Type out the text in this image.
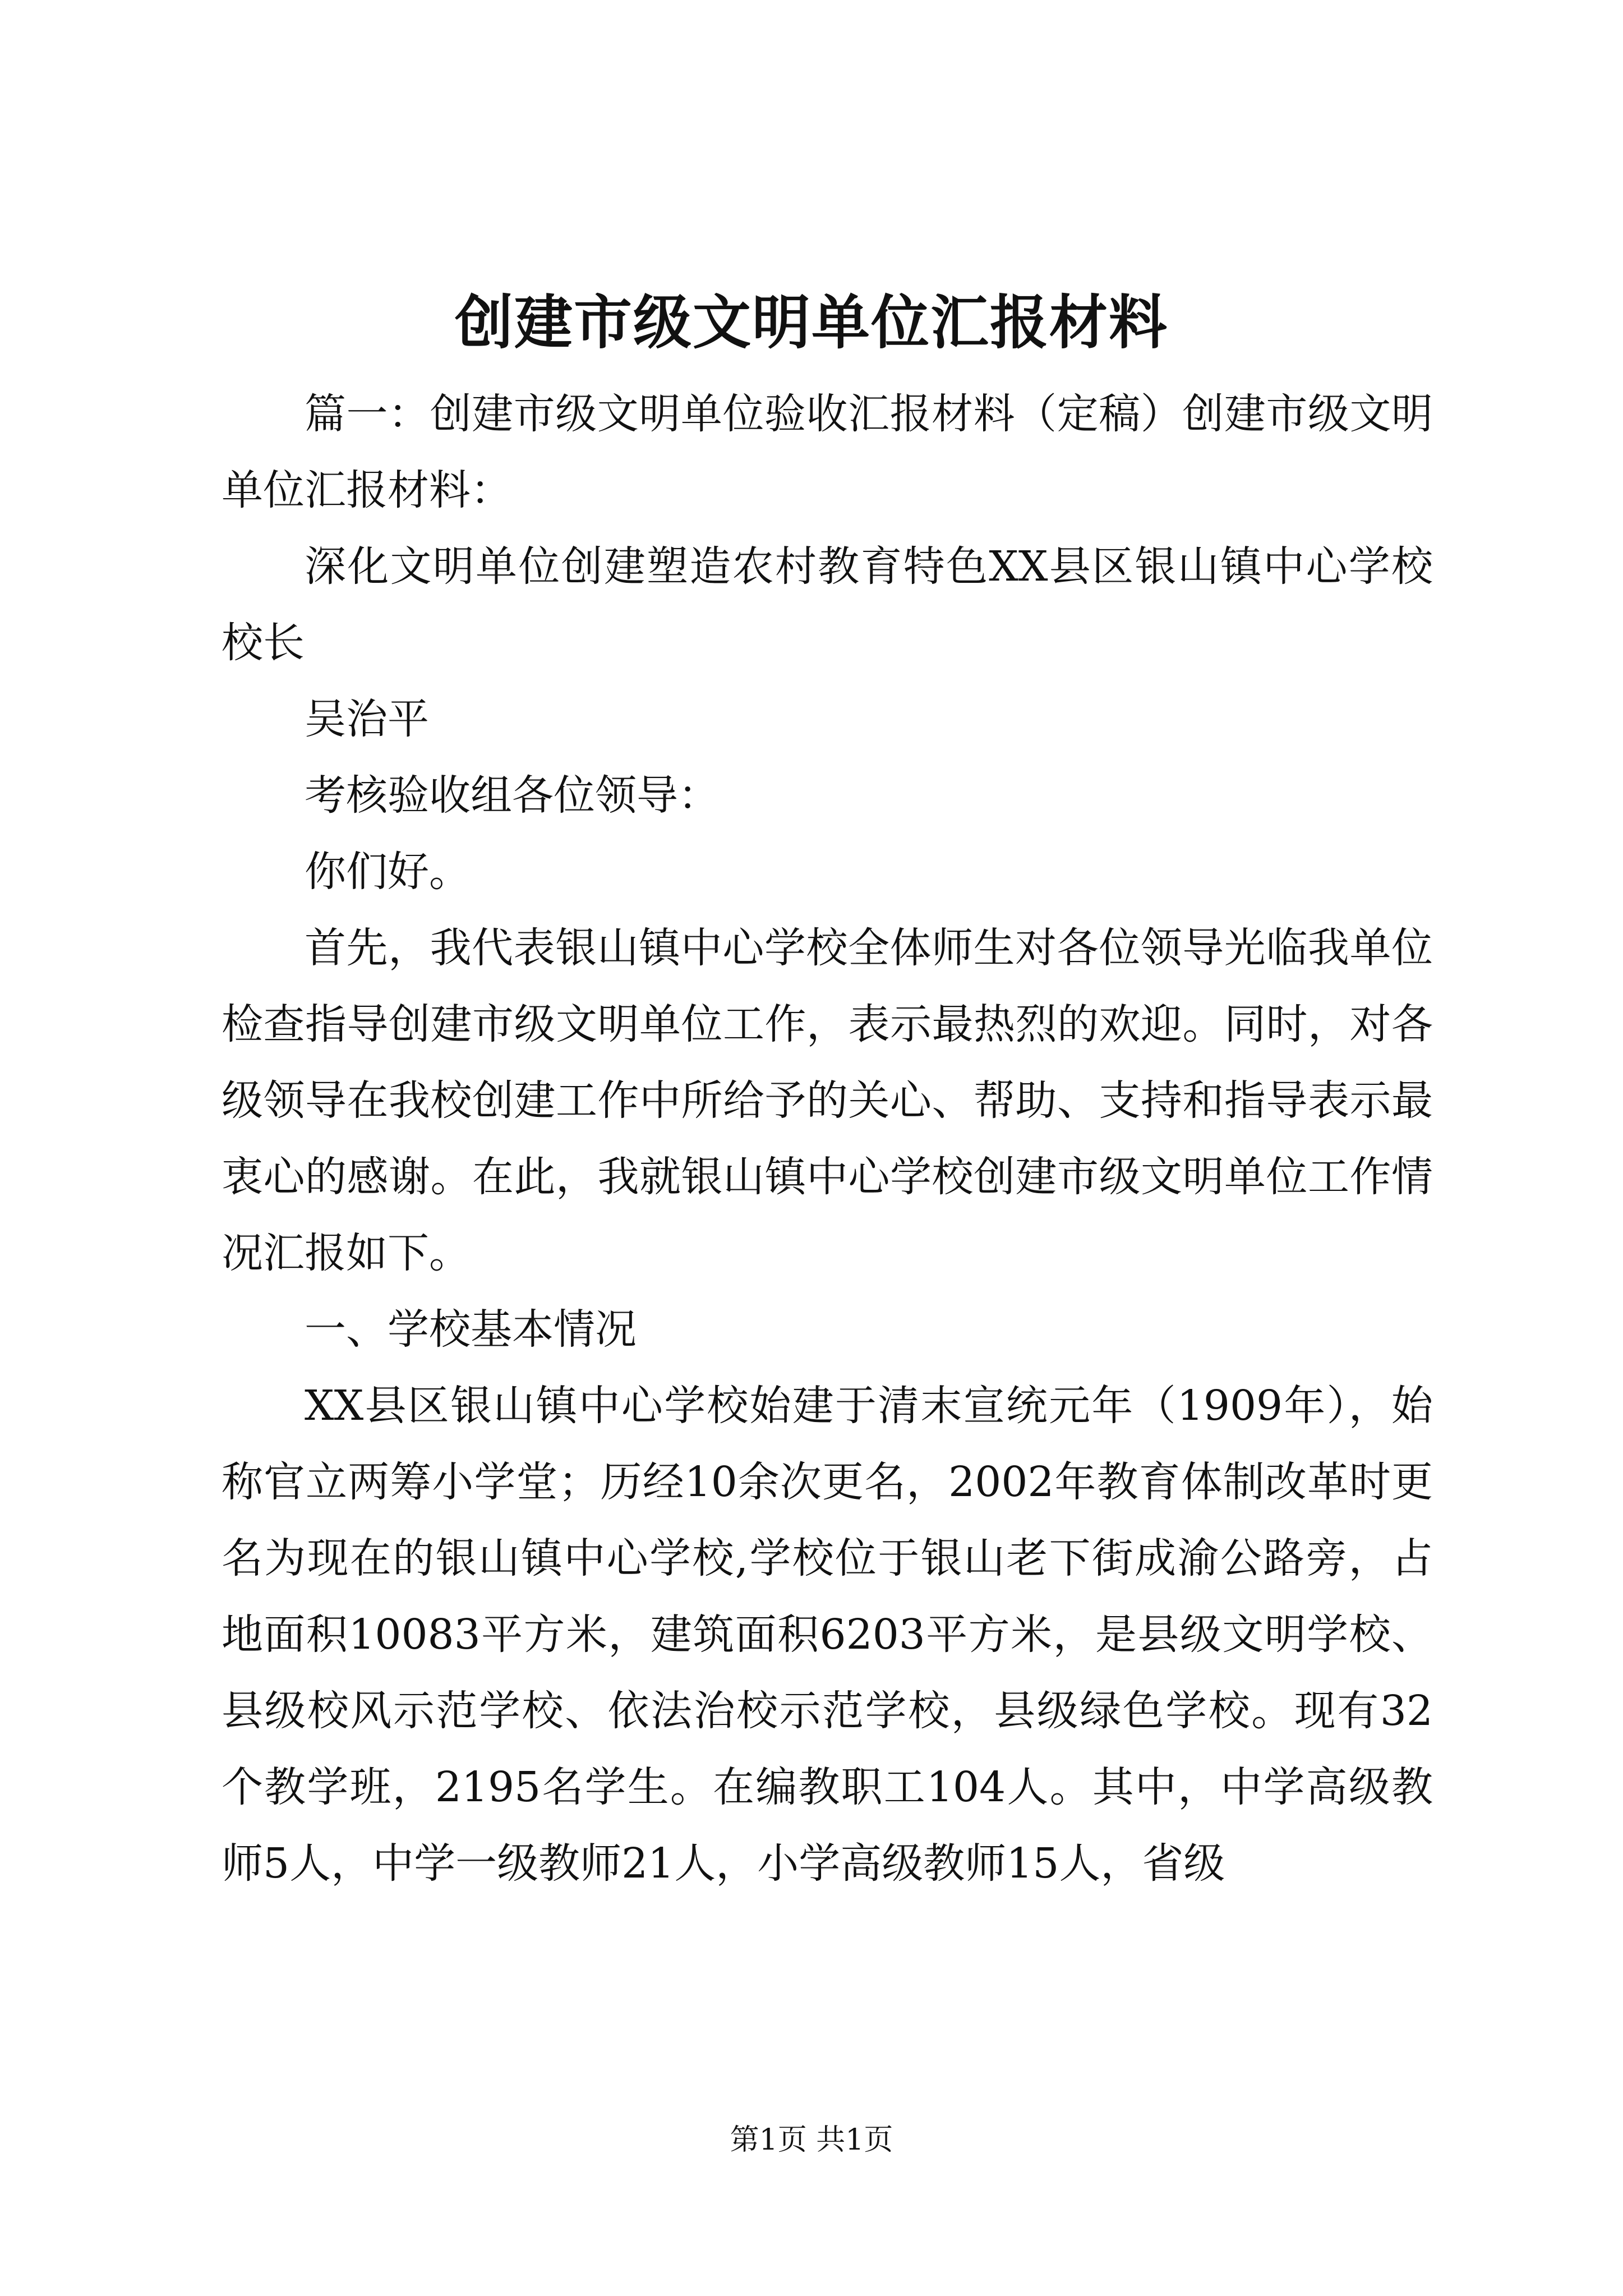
创建市级文明单位汇报材料

篇一：创建市级文明单位验收汇报材料（定稿）创建市级文明单位汇报材料：

深化文明单位创建塑造农村教育特色XX县区银山镇中心学校校长

吴治平

考核验收组各位领导：

你们好。

首先，我代表银山镇中心学校全体师生对各位领导光临我单位检查指导创建市级文明单位工作，表示最热烈的欢迎。同时，对各级领导在我校创建工作中所给予的关心、帮助、支持和指导表示最衷心的感谢。在此，我就银山镇中心学校创建市级文明单位工作情况汇报如下。

一、学校基本情况

XX县区银山镇中心学校始建于清末宣统元年（1909年），始称官立两筹小学堂；历经10余次更名，2002年教育体制改革时更名为现在的银山镇中心学校,学校位于银山老下街成渝公路旁，占地面积10083平方米，建筑面积6203平方米，是县级文明学校、县级校风示范学校、依法治校示范学校，县级绿色学校。现有32个教学班，2195名学生。在编教职工104人。其中，中学高级教师5人，中学一级教师21人，小学高级教师15人，省级

第1页 共1页
